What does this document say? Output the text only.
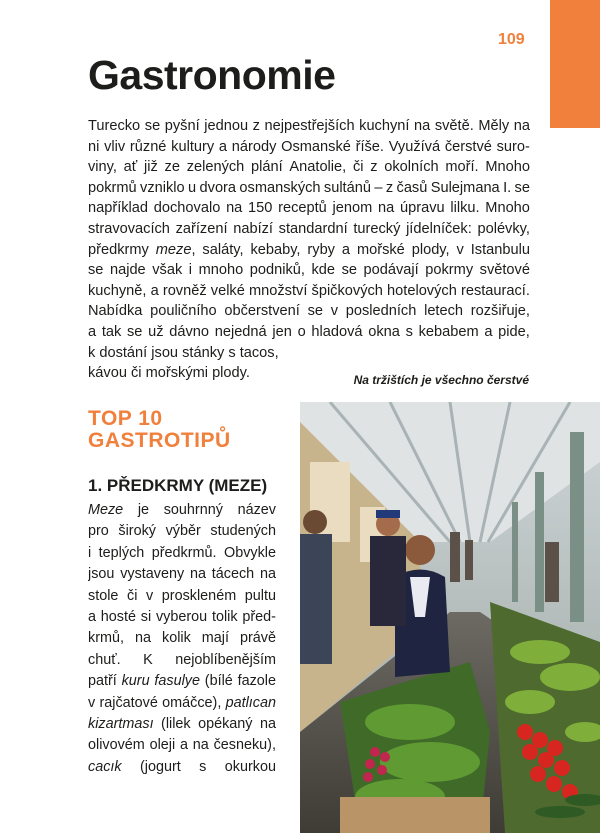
109
Gastronomie
Turecko se pyšní jednou z nejpestřejších kuchyní na světě. Měly na
ni vliv různé kultury a národy Osmanské říše. Využívá čerstvé suro-
viny, ať již ze zelených plání Anatolie, či z okolních moří. Mnoho
pokrmů vzniklo u dvora osmanských sultánů – z časů Sulejmana I. se
například dochovalo na 150 receptů jenom na úpravu lilku. Mnoho
stravovacích zařízení nabízí standardní turecký jídelníček: polévky,
předkrmy meze, saláty, kebaby, ryby a mořské plody, v Istanbulu
se najde však i mnoho podniků, kde se podávají pokrmy světové
kuchyně, a rovněž velké množství špičkových hotelových restaurací.
Nabídka pouličního občerstvení se v posledních letech rozšiřuje,
a tak se už dávno nejedná jen o hladová okna s kebabem a pide,
k dostání jsou stánky s tacos,
kávou či mořskými plody.	Na tržištích je všechno čerstvé
TOP 10
GASTROTIPŮ
1. PŘEDKRMY (MEZE)
Meze je souhrnný název
pro široký výběr studených
i teplých předkrmů. Obvykle
jsou vystaveny na tácech na
stole či v proskleném pultu
a hosté si vyberou tolik před-
krmů, na kolik mají právě
chuť. K nejoblíbenějším
patří kuru fasulye (bílé fazole
v rajčatové omáčce), patlıcan
kizartması (lilek opékaný na
olivovém oleji a na česneku),
cacık (jogurt s okurkou
